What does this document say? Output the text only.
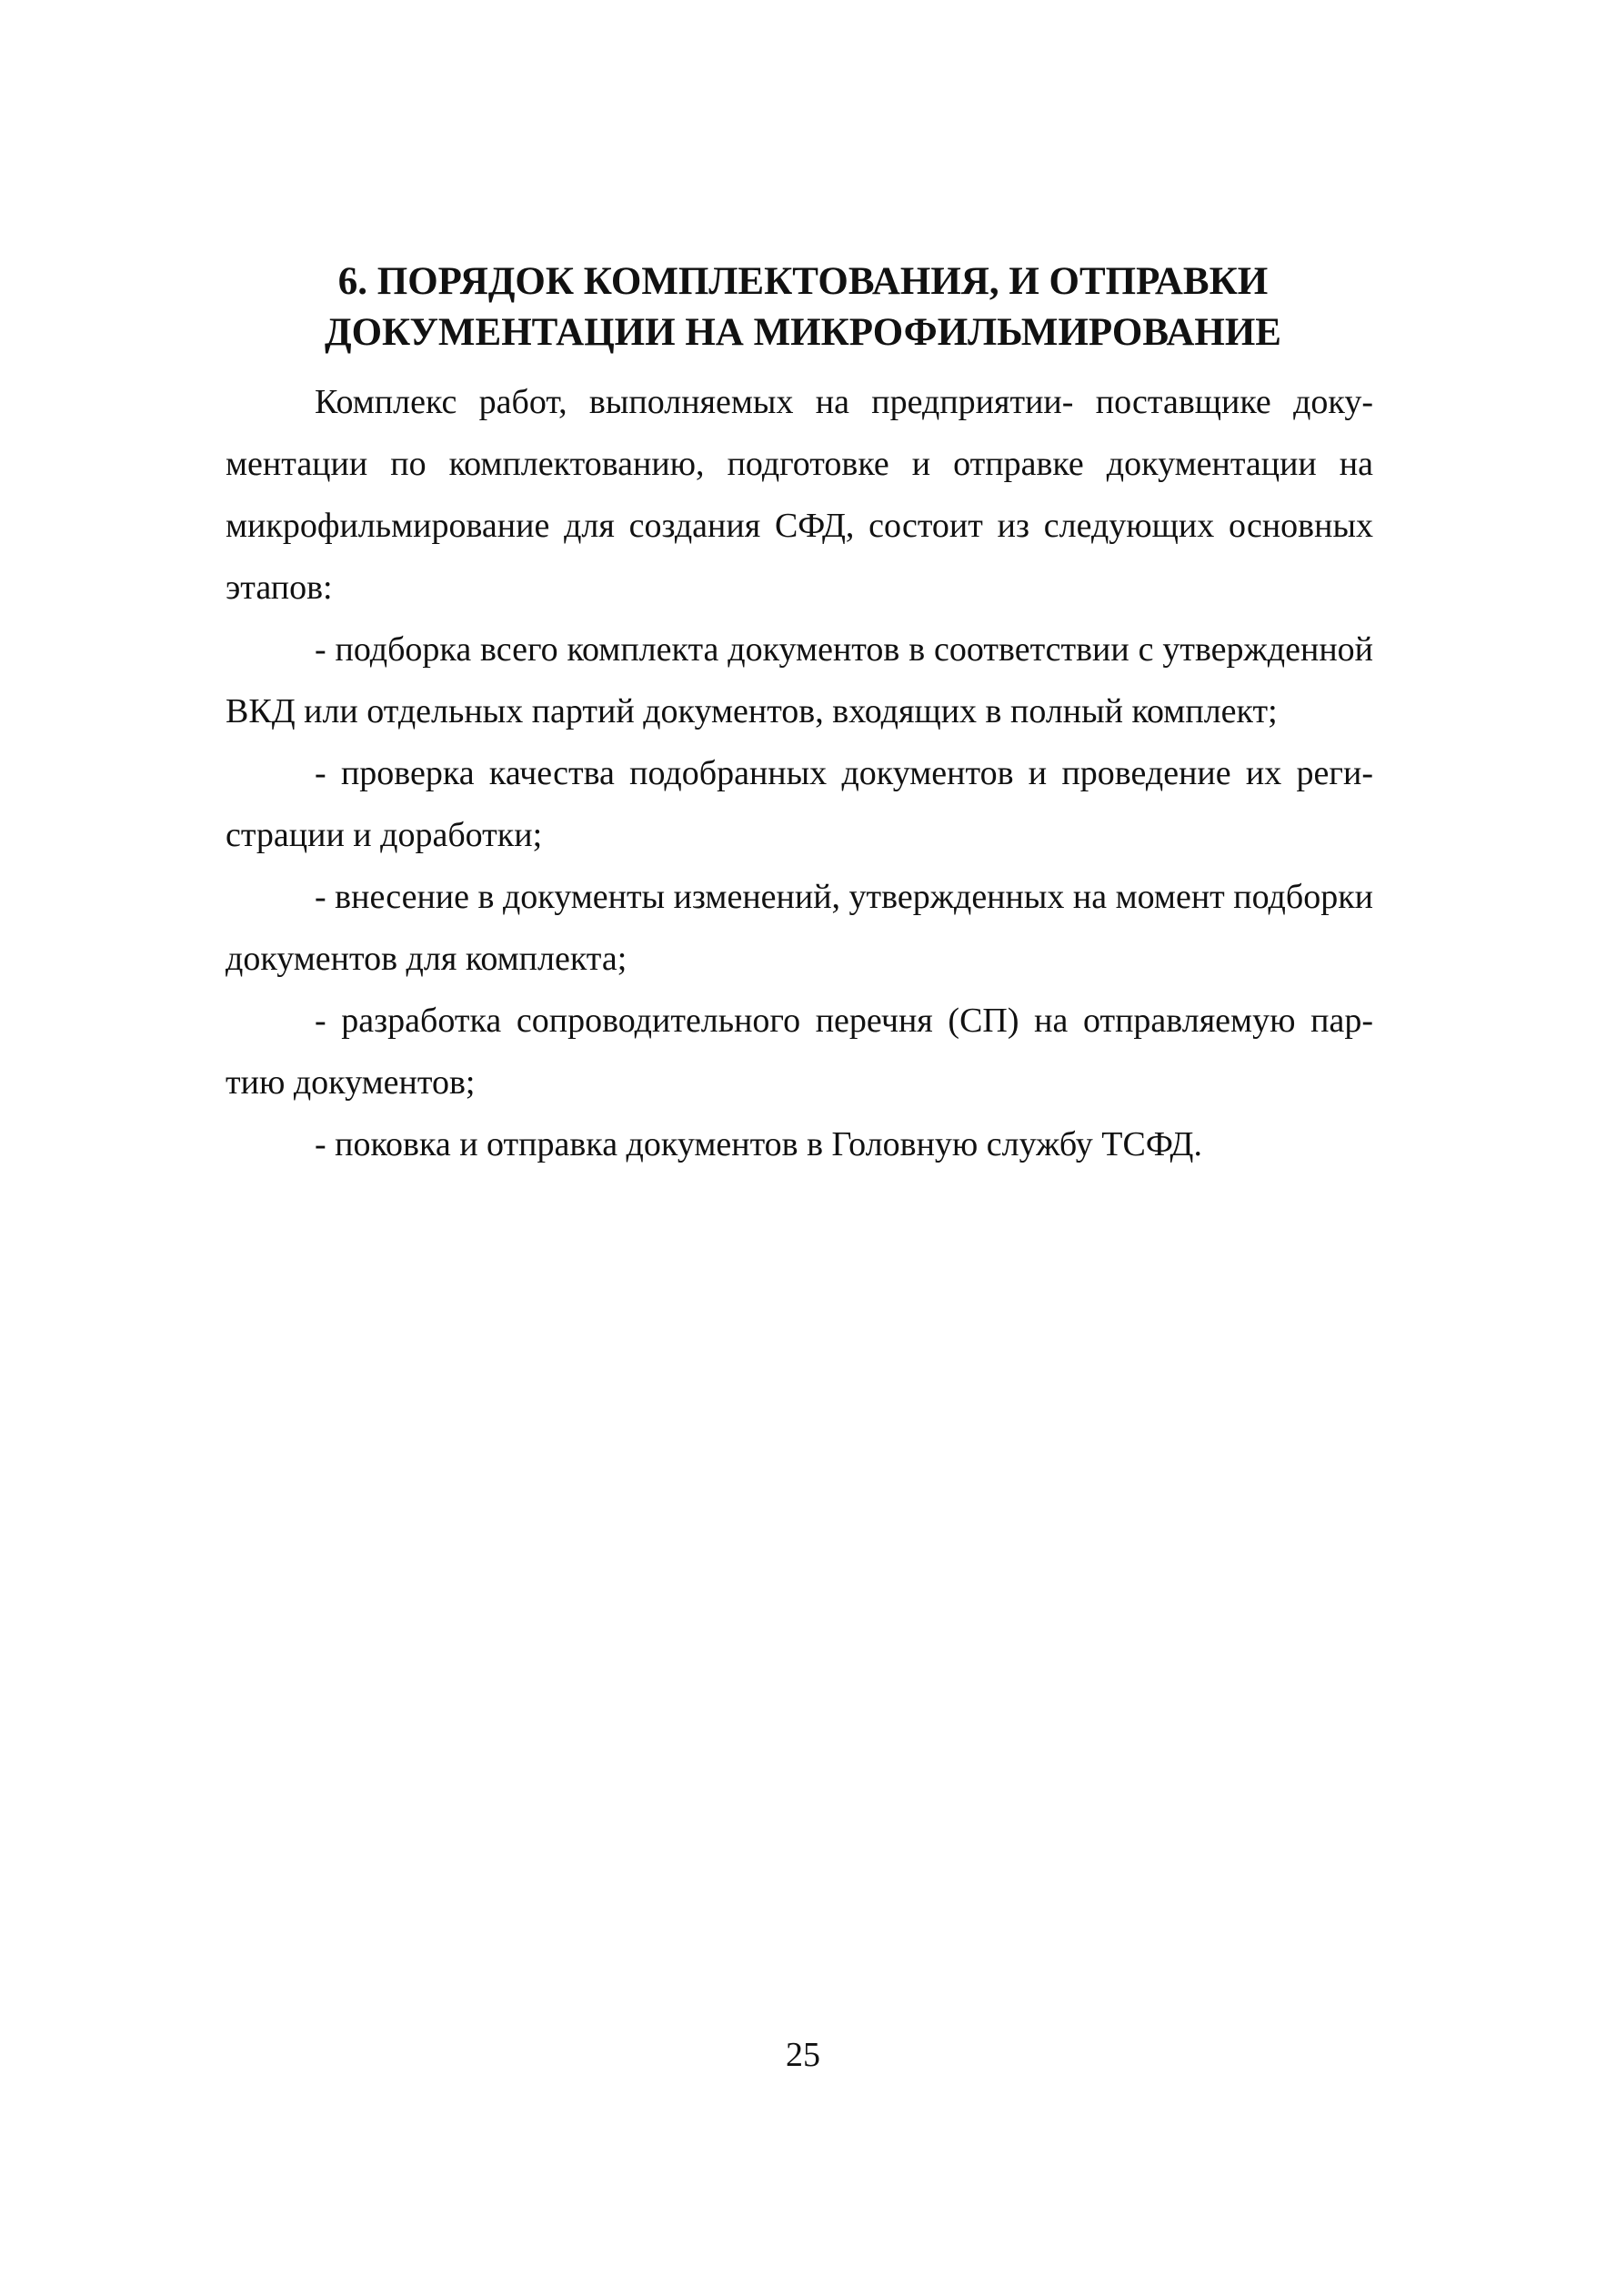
6. ПОРЯДОК КОМПЛЕКТОВАНИЯ, И ОТПРАВКИ
ДОКУМЕНТАЦИИ НА МИКРОФИЛЬМИРОВАНИЕ

Комплекс работ, выполняемых на предприятии- поставщике документации по комплектованию, подготовке и отправке документации на микрофильмирование для создания СФД, состоит из следующих основных этапов:

- подборка всего комплекта документов в соответствии с утвержденной ВКД или отдельных партий документов, входящих в полный комплект;

- проверка качества подобранных документов и проведение их регистрации и доработки;

- внесение в документы изменений, утвержденных на момент подборки документов для комплекта;

- разработка сопроводительного перечня (СП) на отправляемую партию документов;

- поковка и отправка документов в Головную службу ТСФД.

25
